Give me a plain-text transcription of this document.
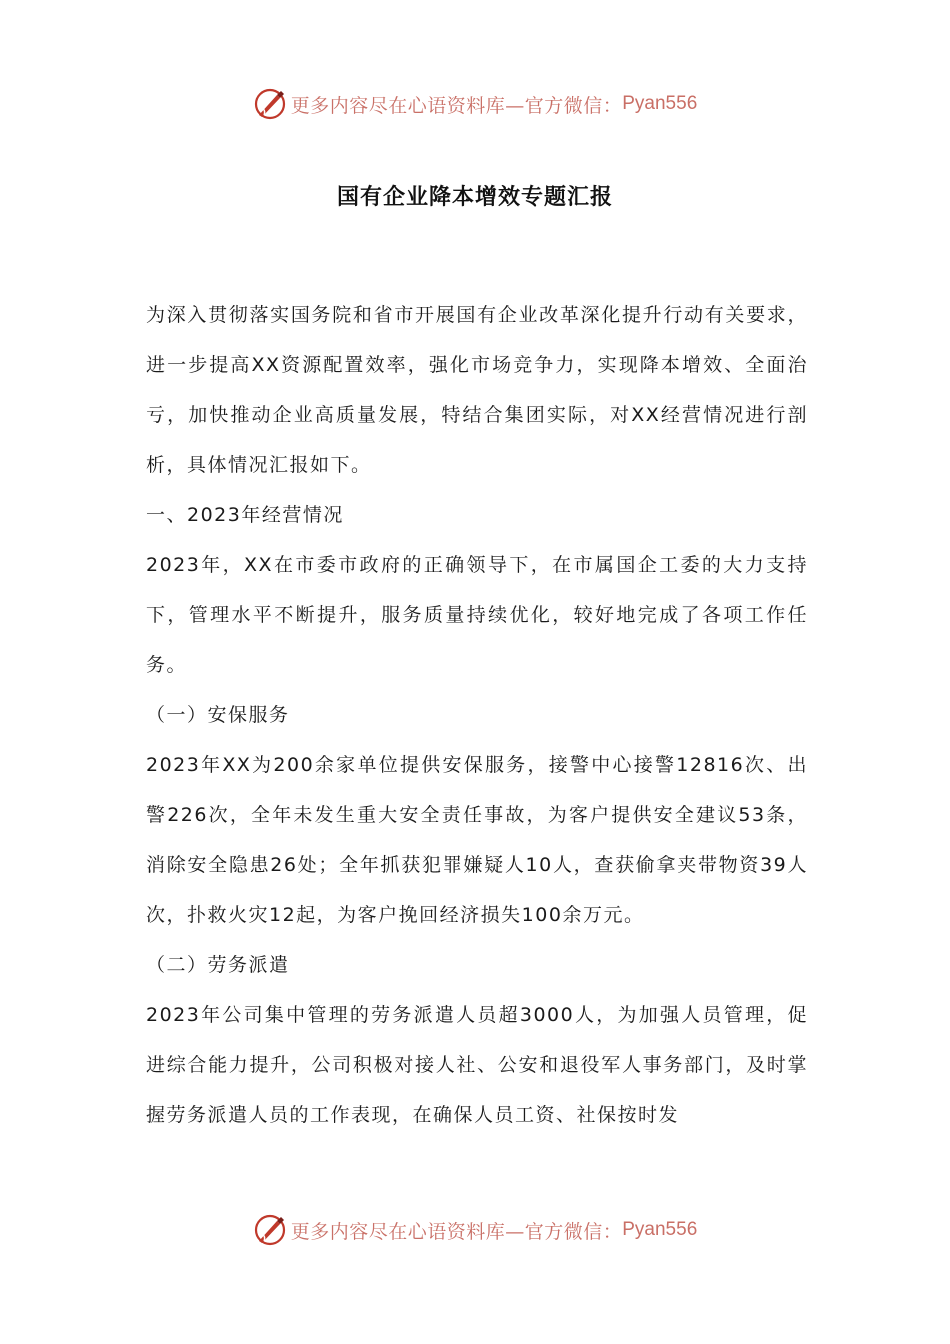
更多内容尽在心语资料库—官方微信： Pyan556
国有企业降本增效专题汇报

为深入贯彻落实国务院和省市开展国有企业改革深化提升行动有关要求，进一步提高XX资源配置效率，强化市场竞争力，实现降本增效、全面治亏，加快推动企业高质量发展，特结合集团实际，对XX经营情况进行剖析，具体情况汇报如下。

一、2023年经营情况

2023年，XX在市委市政府的正确领导下，在市属国企工委的大力支持下，管理水平不断提升，服务质量持续优化，较好地完成了各项工作任务。

（一）安保服务

2023年XX为200余家单位提供安保服务，接警中心接警12816次、出警226次，全年未发生重大安全责任事故，为客户提供安全建议53条，消除安全隐患26处；全年抓获犯罪嫌疑人10人，查获偷拿夹带物资39人次，扑救火灾12起，为客户挽回经济损失100余万元。

（二）劳务派遣

2023年公司集中管理的劳务派遣人员超3000人，为加强人员管理，促进综合能力提升，公司积极对接人社、公安和退役军人事务部门，及时掌握劳务派遣人员的工作表现，在确保人员工资、社保按时发

更多内容尽在心语资料库—官方微信： Pyan556
